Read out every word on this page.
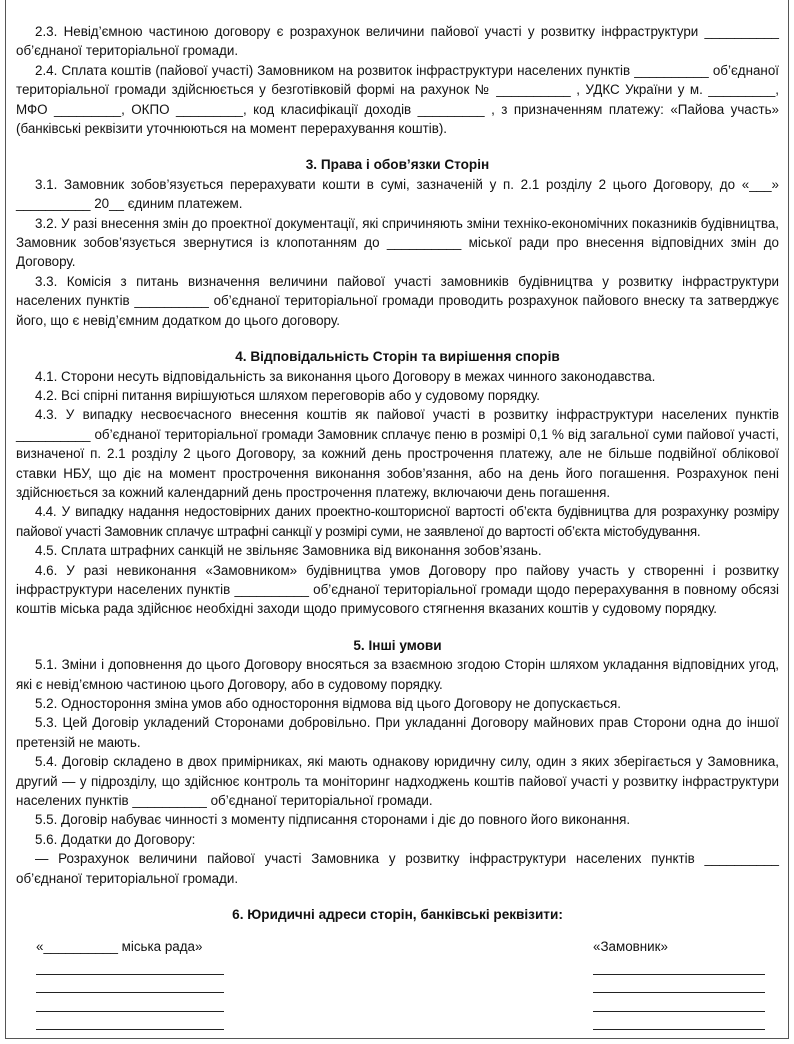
2.3. Невід’ємною частиною договору є розрахунок величини пайової участі у розвитку інфраструктури __________ об’єднаної територіальної громади.

2.4. Сплата коштів (пайової участі) Замовником на розвиток інфраструктури населених пунктів __________ об’єднаної територіальної громади здійснюється у безготівковій формі на рахунок № __________ , УДКС України у м. _________, МФО _________, ОКПО _________, код класифікації доходів _________ , з призначенням платежу: «Пайова участь» (банківські реквізити уточнюються на момент перерахування коштів).

3. Права і обов’язки Сторін

3.1. Замовник зобов’язується перерахувати кошти в сумі, зазначеній у п. 2.1 розділу 2 цього Договору, до «___» __________ 20__ єдиним платежем.

3.2. У разі внесення змін до проектної документації, які спричиняють зміни техніко-економічних показників будівництва, Замовник зобов’язується звернутися із клопотанням до __________ міської ради про внесення відповідних змін до Договору.

3.3. Комісія з питань визначення величини пайової участі замовників будівництва у розвитку інфраструктури населених пунктів __________ об’єднаної територіальної громади проводить розрахунок пайового внеску та затверджує його, що є невід’ємним додатком до цього договору.

4. Відповідальність Сторін та вирішення спорів

4.1. Сторони несуть відповідальність за виконання цього Договору в межах чинного законодавства.

4.2. Всі спірні питання вирішуються шляхом переговорів або у судовому порядку.

4.3. У випадку несвоєчасного внесення коштів як пайової участі в розвитку інфраструктури населених пунктів __________ об’єднаної територіальної громади Замовник сплачує пеню в розмірі 0,1 % від загальної суми пайової участі, визначеної п. 2.1 розділу 2 цього Договору, за кожний день прострочення платежу, але не більше подвійної облікової ставки НБУ, що діє на момент прострочення виконання зобов’язання, або на день його погашення. Розрахунок пені здійснюється за кожний календарний день прострочення платежу, включаючи день погашення.

4.4. У випадку надання недостовірних даних проектно-кошторисної вартості об’єкта будівництва для розрахунку розміру пайової участі Замовник сплачує штрафні санкції у розмірі суми, не заявленої до вартості об’єкта містобудування.

4.5. Сплата штрафних санкцій не звільняє Замовника від виконання зобов’язань.

4.6. У разі невиконання «Замовником» будівництва умов Договору про пайову участь у створенні і розвитку інфраструктури населених пунктів __________ об’єднаної територіальної громади щодо перерахування в повному обсязі коштів міська рада здійснює необхідні заходи щодо примусового стягнення вказаних коштів у судовому порядку.

5. Інші умови

5.1. Зміни і доповнення до цього Договору вносяться за взаємною згодою Сторін шляхом укладання відповідних угод, які є невід’ємною частиною цього Договору, або в судовому порядку.

5.2. Одностороння зміна умов або одностороння відмова від цього Договору не допускається.

5.3. Цей Договір укладений Сторонами добровільно. При укладанні Договору майнових прав Сторони одна до іншої претензій не мають.

5.4. Договір складено в двох примірниках, які мають однакову юридичну силу, один з яких зберігається у Замовника, другий — у підрозділу, що здійснює контроль та моніторинг надходжень коштів пайової участі у розвитку інфраструктури населених пунктів __________ об’єднаної територіальної громади.

5.5. Договір набуває чинності з моменту підписання сторонами і діє до повного його виконання.

5.6. Додатки до Договору:

— Розрахунок величини пайової участі Замовника у розвитку інфраструктури населених пунктів __________ об’єднаної територіальної громади.

6. Юридичні адреси сторін, банківські реквізити:
«__________ міська рада»	«Замовник»
